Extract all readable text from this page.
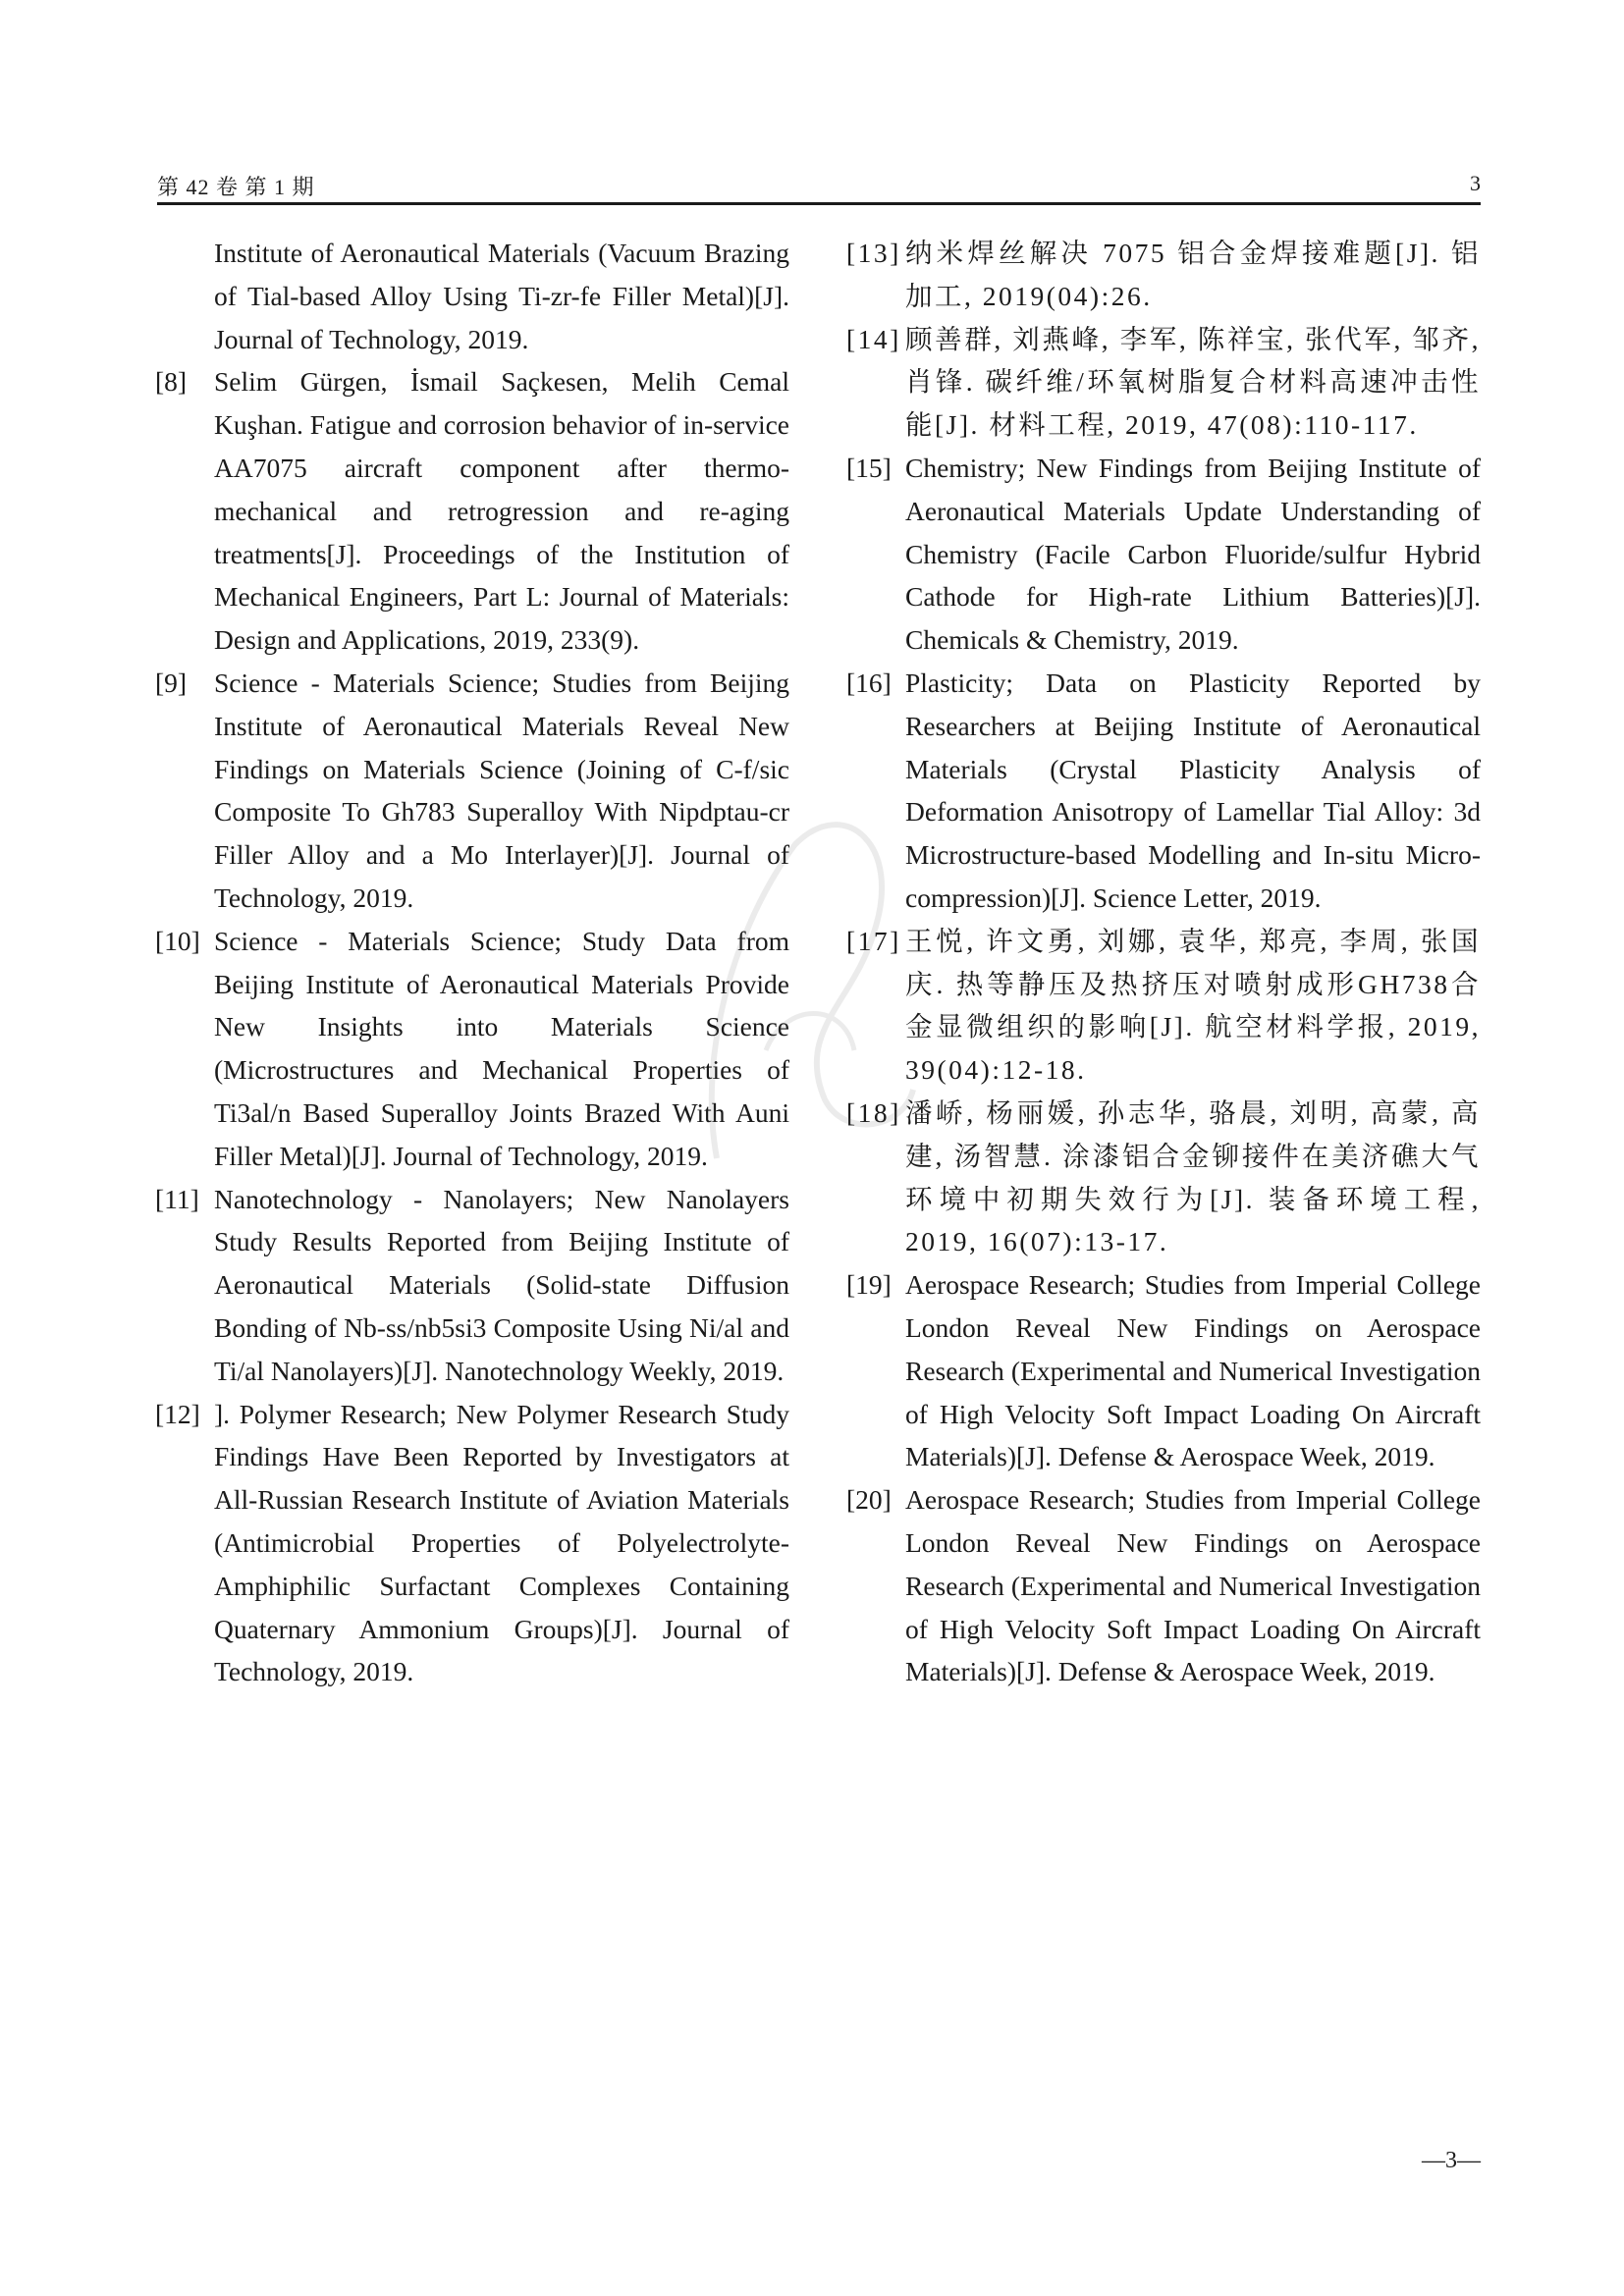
第 42 卷 第 1 期	3

Institute of Aeronautical Materials (Vacuum Brazing of Tial-based Alloy Using Ti-zr-fe Filler Metal)[J]. Journal of Technology, 2019.

[8] Selim Gürgen, İsmail Saçkesen, Melih Cemal Kuşhan. Fatigue and corrosion behavior of in-service AA7075 aircraft component after thermo-mechanical and retrogression and re-aging treatments[J]. Proceedings of the Institution of Mechanical Engineers, Part L: Journal of Materials: Design and Applications, 2019, 233(9).

[9] Science - Materials Science; Studies from Beijing Institute of Aeronautical Materials Reveal New Findings on Materials Science (Joining of C-f/sic Composite To Gh783 Superalloy With Nipdptau-cr Filler Alloy and a Mo Interlayer)[J]. Journal of Technology, 2019.

[10] Science - Materials Science; Study Data from Beijing Institute of Aeronautical Materials Provide New Insights into Materials Science (Microstructures and Mechanical Properties of Ti3al/n Based Superalloy Joints Brazed With Auni Filler Metal)[J]. Journal of Technology, 2019.

[11] Nanotechnology - Nanolayers; New Nanolayers Study Results Reported from Beijing Institute of Aeronautical Materials (Solid-state Diffusion Bonding of Nb-ss/nb5si3 Composite Using Ni/al and Ti/al Nanolayers)[J]. Nanotechnology Weekly, 2019.

[12] ]. Polymer Research; New Polymer Research Study Findings Have Been Reported by Investigators at All-Russian Research Institute of Aviation Materials (Antimicrobial Properties of Polyelectrolyte-Amphiphilic Surfactant Complexes Containing Quaternary Ammonium Groups)[J]. Journal of Technology, 2019.

[13] 纳米焊丝解决 7075 铝合金焊接难题[J]. 铝加工, 2019(04):26.

[14] 顾善群, 刘燕峰, 李军, 陈祥宝, 张代军, 邹齐, 肖锋. 碳纤维/环氧树脂复合材料高速冲击性能[J]. 材料工程, 2019, 47(08):110-117.

[15] Chemistry; New Findings from Beijing Institute of Aeronautical Materials Update Understanding of Chemistry (Facile Carbon Fluoride/sulfur Hybrid Cathode for High-rate Lithium Batteries)[J]. Chemicals & Chemistry, 2019.

[16] Plasticity; Data on Plasticity Reported by Researchers at Beijing Institute of Aeronautical Materials (Crystal Plasticity Analysis of Deformation Anisotropy of Lamellar Tial Alloy: 3d Microstructure-based Modelling and In-situ Micro-compression)[J]. Science Letter, 2019.

[17] 王悦, 许文勇, 刘娜, 袁华, 郑亮, 李周, 张国庆. 热等静压及热挤压对喷射成形GH738合金显微组织的影响[J]. 航空材料学报, 2019, 39(04):12-18.

[18] 潘峤, 杨丽媛, 孙志华, 骆晨, 刘明, 高蒙, 高建, 汤智慧. 涂漆铝合金铆接件在美济礁大气环境中初期失效行为[J]. 装备环境工程, 2019, 16(07):13-17.

[19] Aerospace Research; Studies from Imperial College London Reveal New Findings on Aerospace Research (Experimental and Numerical Investigation of High Velocity Soft Impact Loading On Aircraft Materials)[J]. Defense & Aerospace Week, 2019.

[20] Aerospace Research; Studies from Imperial College London Reveal New Findings on Aerospace Research (Experimental and Numerical Investigation of High Velocity Soft Impact Loading On Aircraft Materials)[J]. Defense & Aerospace Week, 2019.

—3—
